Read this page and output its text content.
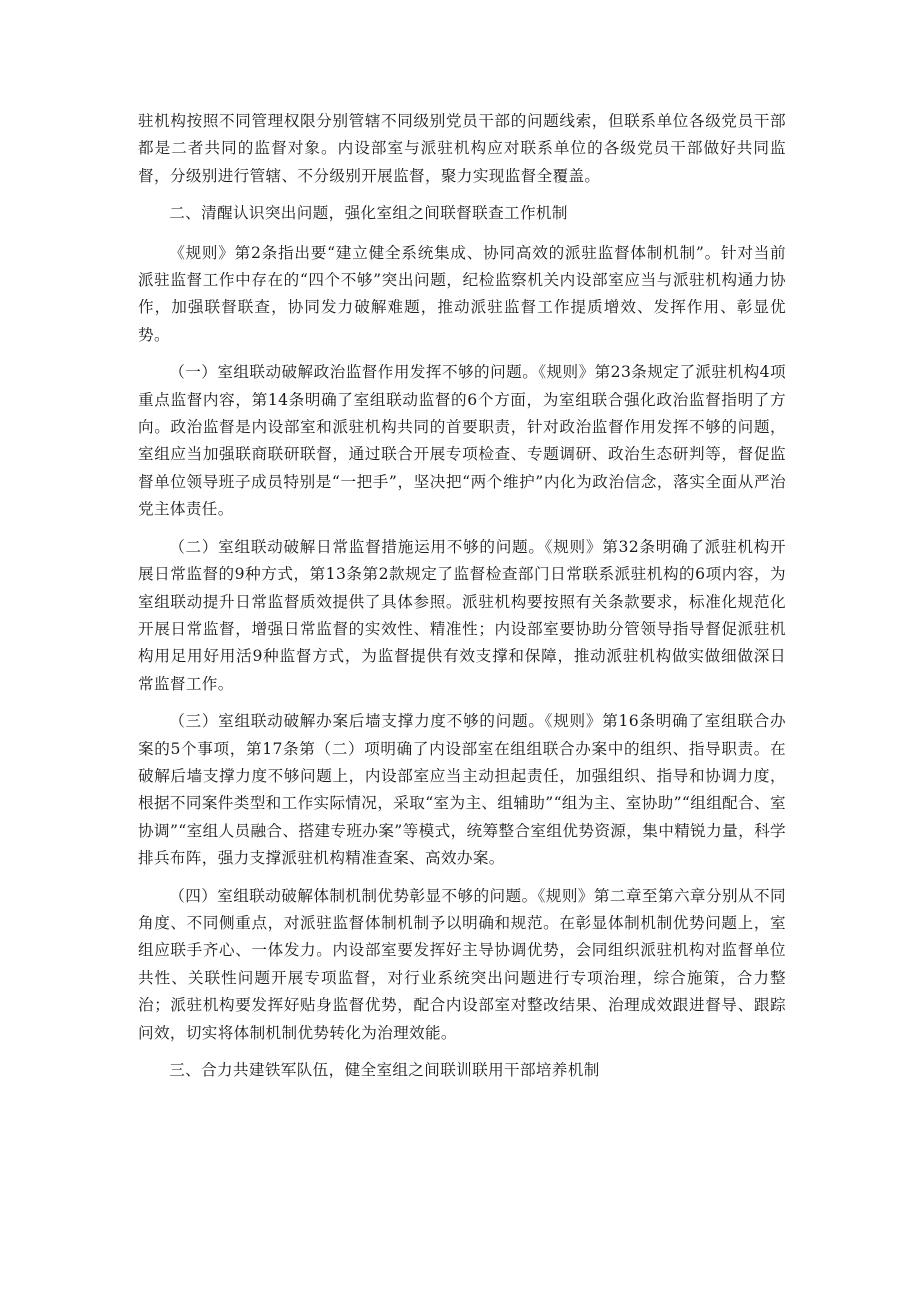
驻机构按照不同管理权限分别管辖不同级别党员干部的问题线索，但联系单位各级党员干部都是二者共同的监督对象。内设部室与派驻机构应对联系单位的各级党员干部做好共同监督，分级别进行管辖、不分级别开展监督，聚力实现监督全覆盖。

二、清醒认识突出问题，强化室组之间联督联查工作机制

《规则》第2条指出要“建立健全系统集成、协同高效的派驻监督体制机制”。针对当前派驻监督工作中存在的“四个不够”突出问题，纪检监察机关内设部室应当与派驻机构通力协作，加强联督联查，协同发力破解难题，推动派驻监督工作提质增效、发挥作用、彰显优势。

（一）室组联动破解政治监督作用发挥不够的问题。《规则》第23条规定了派驻机构4项重点监督内容，第14条明确了室组联动监督的6个方面，为室组联合强化政治监督指明了方向。政治监督是内设部室和派驻机构共同的首要职责，针对政治监督作用发挥不够的问题，室组应当加强联商联研联督，通过联合开展专项检查、专题调研、政治生态研判等，督促监督单位领导班子成员特别是“一把手”，坚决把“两个维护”内化为政治信念，落实全面从严治党主体责任。

（二）室组联动破解日常监督措施运用不够的问题。《规则》第32条明确了派驻机构开展日常监督的9种方式，第13条第2款规定了监督检查部门日常联系派驻机构的6项内容，为室组联动提升日常监督质效提供了具体参照。派驻机构要按照有关条款要求，标准化规范化开展日常监督，增强日常监督的实效性、精准性；内设部室要协助分管领导指导督促派驻机构用足用好用活9种监督方式，为监督提供有效支撑和保障，推动派驻机构做实做细做深日常监督工作。

（三）室组联动破解办案后墙支撑力度不够的问题。《规则》第16条明确了室组联合办案的5个事项，第17条第（二）项明确了内设部室在组组联合办案中的组织、指导职责。在破解后墙支撑力度不够问题上，内设部室应当主动担起责任，加强组织、指导和协调力度，根据不同案件类型和工作实际情况，采取“室为主、组辅助”“组为主、室协助”“组组配合、室协调”“室组人员融合、搭建专班办案”等模式，统筹整合室组优势资源，集中精锐力量，科学排兵布阵，强力支撑派驻机构精准查案、高效办案。

（四）室组联动破解体制机制优势彰显不够的问题。《规则》第二章至第六章分别从不同角度、不同侧重点，对派驻监督体制机制予以明确和规范。在彰显体制机制优势问题上，室组应联手齐心、一体发力。内设部室要发挥好主导协调优势，会同组织派驻机构对监督单位共性、关联性问题开展专项监督，对行业系统突出问题进行专项治理，综合施策，合力整治；派驻机构要发挥好贴身监督优势，配合内设部室对整改结果、治理成效跟进督导、跟踪问效，切实将体制机制优势转化为治理效能。

三、合力共建铁军队伍，健全室组之间联训联用干部培养机制
